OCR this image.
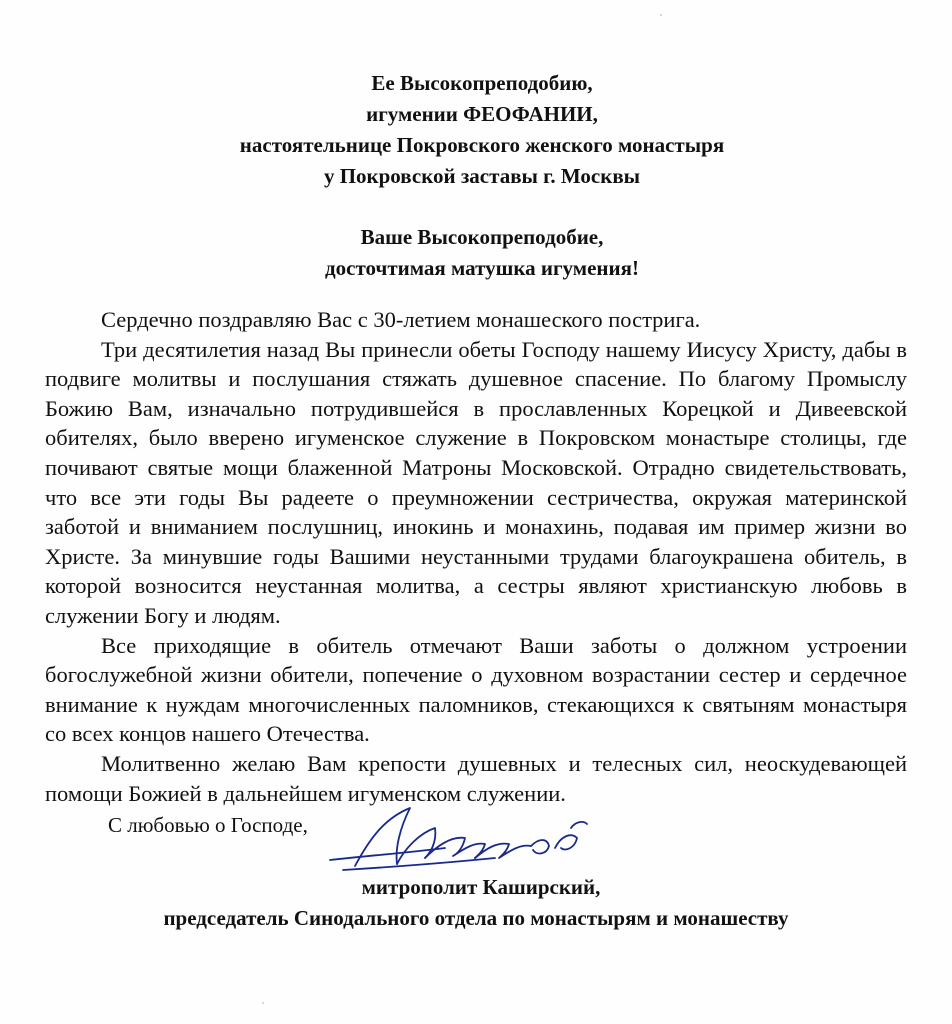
Ее Высокопреподобию,
игумении ФЕОФАНИИ,
настоятельнице Покровского женского монастыря
у Покровской заставы г. Москвы
Ваше Высокопреподобие,
досточтимая матушка игумения!

Сердечно поздравляю Вас с 30-летием монашеского пострига.

Три десятилетия назад Вы принесли обеты Господу нашему Иисусу Христу, дабы в подвиге молитвы и послушания стяжать душевное спасение. По благому Промыслу Божию Вам, изначально потрудившейся в прославленных Корецкой и Дивеевской обителях, было вверено игуменское служение в Покровском монастыре столицы, где почивают святые мощи блаженной Матроны Московской. Отрадно свидетельствовать, что все эти годы Вы радеете о преумножении сестричества, окружая материнской заботой и вниманием послушниц, инокинь и монахинь, подавая им пример жизни во Христе. За минувшие годы Вашими неустанными трудами благоукрашена обитель, в которой возносится неустанная молитва, а сестры являют христианскую любовь в служении Богу и людям.

Все приходящие в обитель отмечают Ваши заботы о должном устроении богослужебной жизни обители, попечение о духовном возрастании сестер и сердечное внимание к нуждам многочисленных паломников, стекающихся к святыням монастыря со всех концов нашего Отечества.

Молитвенно желаю Вам крепости душевных и телесных сил, неоскудевающей помощи Божией в дальнейшем игуменском служении.

С любовью о Господе,
митрополит Каширский,
председатель Синодального отдела по монастырям и монашеству
